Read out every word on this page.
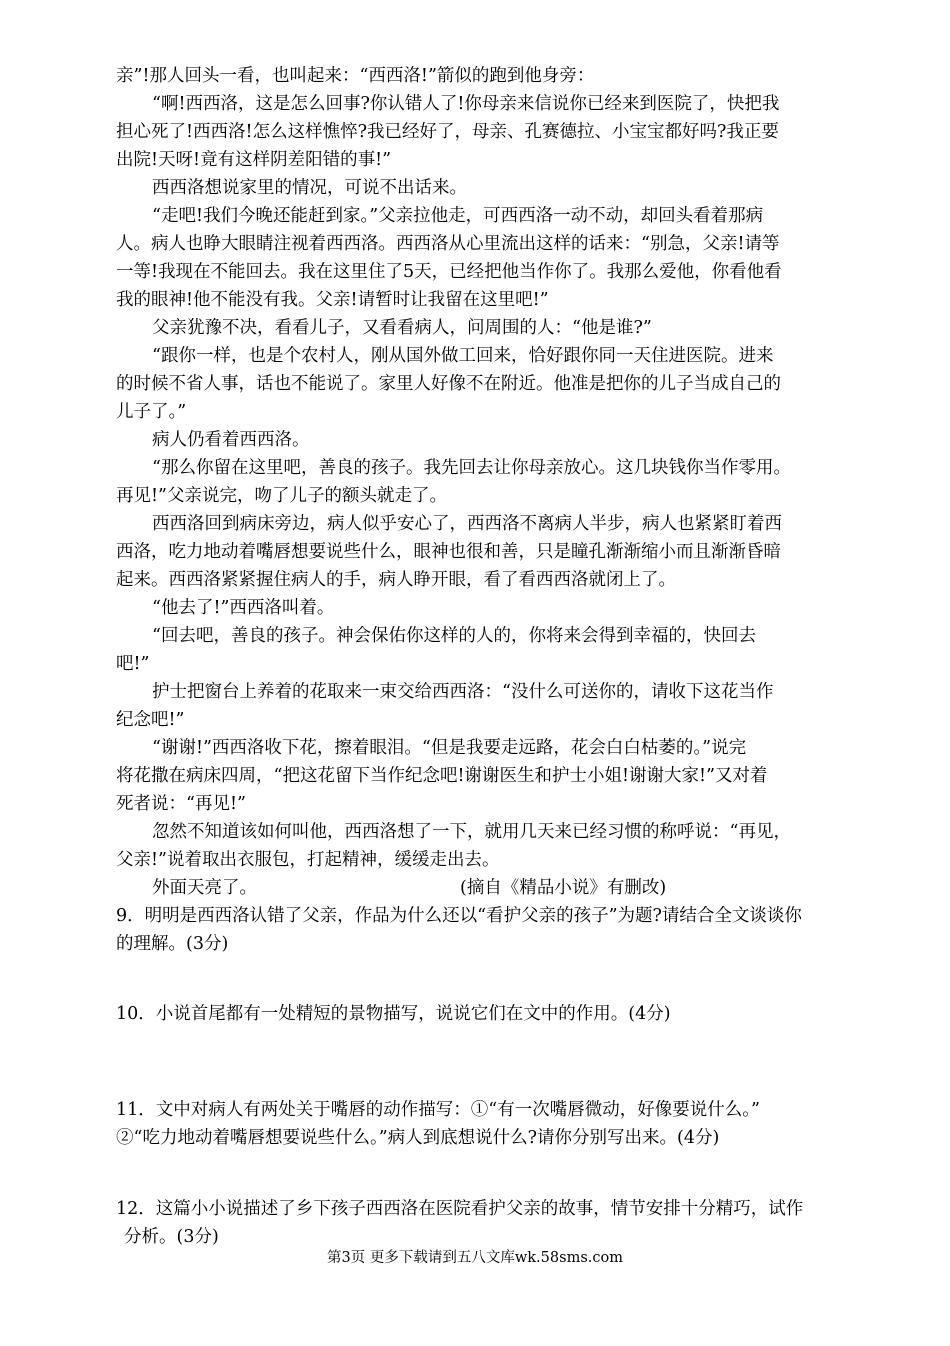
亲”!那人回头一看，也叫起来：“西西洛!”箭似的跑到他身旁：
“啊!西西洛，这是怎么回事?你认错人了!你母亲来信说你已经来到医院了，快把我
担心死了!西西洛!怎么这样憔悴?我已经好了，母亲、孔赛德拉、小宝宝都好吗?我正要
出院!天呀!竟有这样阴差阳错的事!”
西西洛想说家里的情况，可说不出话来。
“走吧!我们今晚还能赶到家。”父亲拉他走，可西西洛一动不动，却回头看着那病
人。病人也睁大眼睛注视着西西洛。西西洛从心里流出这样的话来：“别急，父亲!请等
一等!我现在不能回去。我在这里住了5天，已经把他当作你了。我那么爱他，你看他看
我的眼神!他不能没有我。父亲!请暂时让我留在这里吧!”
父亲犹豫不决，看看儿子，又看看病人，问周围的人：“他是谁?”
“跟你一样，也是个农村人，刚从国外做工回来，恰好跟你同一天住进医院。进来
的时候不省人事，话也不能说了。家里人好像不在附近。他准是把你的儿子当成自己的
儿子了。”
病人仍看着西西洛。
“那么你留在这里吧，善良的孩子。我先回去让你母亲放心。这几块钱你当作零用。
再见!”父亲说完，吻了儿子的额头就走了。
西西洛回到病床旁边，病人似乎安心了，西西洛不离病人半步，病人也紧紧盯着西
西洛，吃力地动着嘴唇想要说些什么，眼神也很和善，只是瞳孔渐渐缩小而且渐渐昏暗
起来。西西洛紧紧握住病人的手，病人睁开眼，看了看西西洛就闭上了。
“他去了!”西西洛叫着。
“回去吧，善良的孩子。神会保佑你这样的人的，你将来会得到幸福的，快回去
吧!”
护士把窗台上养着的花取来一束交给西西洛：“没什么可送你的，请收下这花当作
纪念吧!”
“谢谢!”西西洛收下花，擦着眼泪。“但是我要走远路，花会白白枯萎的。”说完
将花撒在病床四周，“把这花留下当作纪念吧!谢谢医生和护士小姐!谢谢大家!”又对着
死者说：“再见!”
忽然不知道该如何叫他，西西洛想了一下，就用几天来已经习惯的称呼说：“再见，
父亲!”说着取出衣服包，打起精神，缓缓走出去。
外面天亮了。	(摘自《精品小说》有删改)
9．明明是西西洛认错了父亲，作品为什么还以“看护父亲的孩子”为题?请结合全文谈谈你
的理解。(3分)
10．小说首尾都有一处精短的景物描写，说说它们在文中的作用。(4分)
11．文中对病人有两处关于嘴唇的动作描写：①“有一次嘴唇微动，好像要说什么。”
②“吃力地动着嘴唇想要说些什么。”病人到底想说什么?请你分别写出来。(4分)
12．这篇小小说描述了乡下孩子西西洛在医院看护父亲的故事，情节安排十分精巧，试作
分析。(3分)
第3页 更多下载请到五八文库wk.58sms.com
